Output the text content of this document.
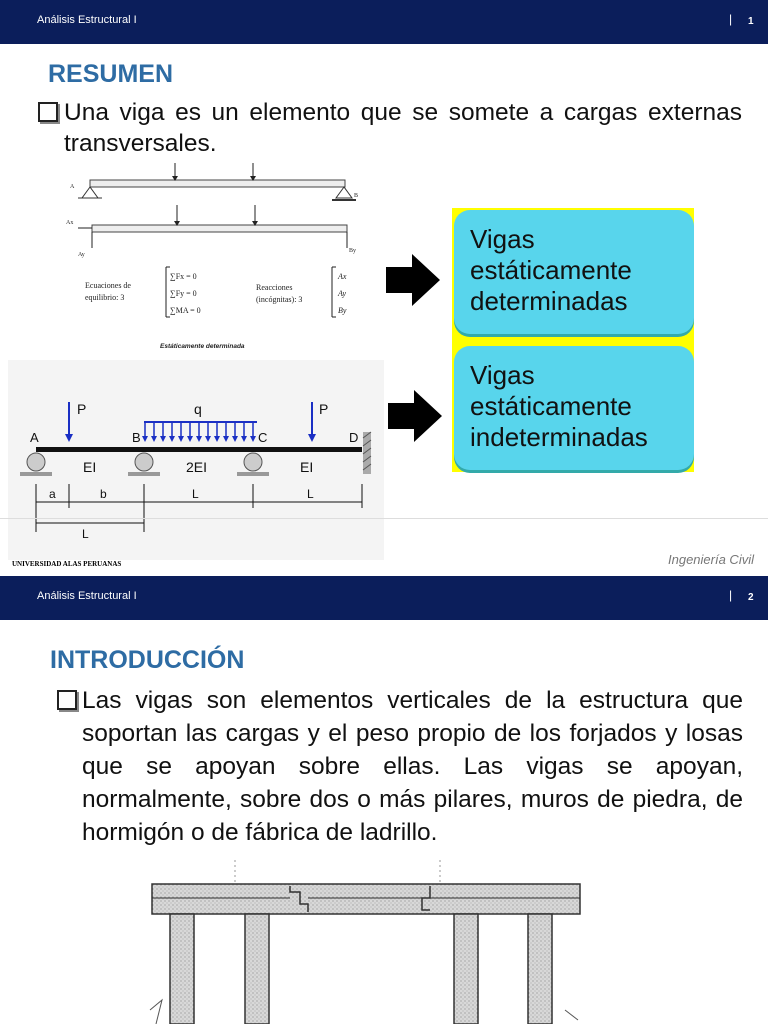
Análisis Estructural I	| 1
RESUMEN
Una viga es un elemento que se somete a cargas externas transversales.
A
B
Ax
Ay
By
Ecuaciones de
equilibrio: 3
∑Fx = 0
∑Fy = 0
∑MA = 0
Reacciones
(incógnitas): 3
Ax
Ay
By
Estáticamente determinada
P	P
q
A	B	C	D
EI	2EI	EI
a	b	L	L
L
Vigas
estáticamente
determinadas
Vigas
estáticamente
indeterminadas
UNIVERSIDAD ALAS PERUANAS	Ingeniería Civil
Análisis Estructural I	| 2
INTRODUCCIÓN
Las vigas son elementos verticales de la estructura que soportan las cargas y el peso propio de los forjados y losas que se apoyan sobre ellas. Las vigas se apoyan, normalmente, sobre dos o más pilares, muros de piedra, de hormigón o de fábrica de ladrillo.
